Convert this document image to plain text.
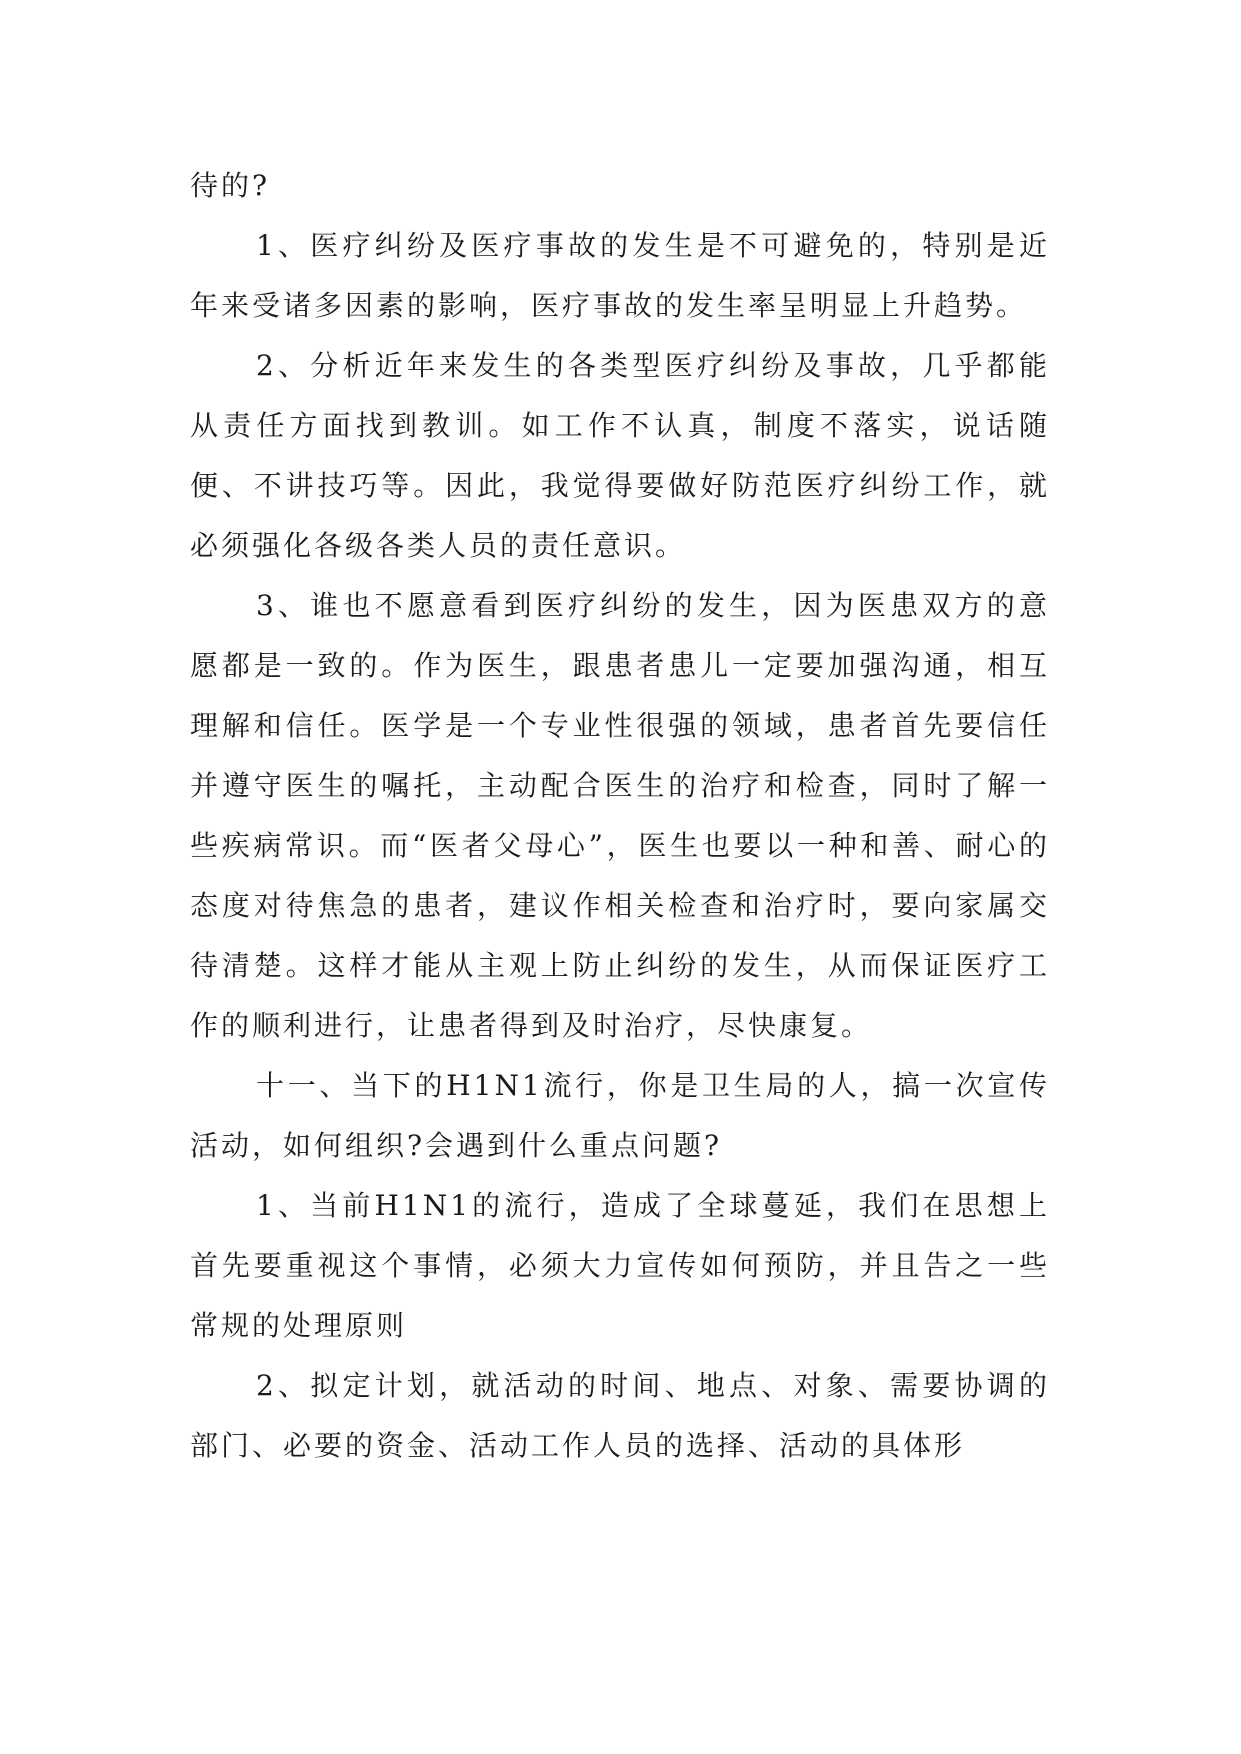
待的?

1、医疗纠纷及医疗事故的发生是不可避免的，特别是近年来受诸多因素的影响，医疗事故的发生率呈明显上升趋势。

2、分析近年来发生的各类型医疗纠纷及事故，几乎都能从责任方面找到教训。如工作不认真，制度不落实，说话随便、不讲技巧等。因此，我觉得要做好防范医疗纠纷工作，就必须强化各级各类人员的责任意识。

3、谁也不愿意看到医疗纠纷的发生，因为医患双方的意愿都是一致的。作为医生，跟患者患儿一定要加强沟通，相互理解和信任。医学是一个专业性很强的领域，患者首先要信任并遵守医生的嘱托，主动配合医生的治疗和检查，同时了解一些疾病常识。而“医者父母心”，医生也要以一种和善、耐心的态度对待焦急的患者，建议作相关检查和治疗时，要向家属交待清楚。这样才能从主观上防止纠纷的发生，从而保证医疗工作的顺利进行，让患者得到及时治疗，尽快康复。

十一、当下的H1N1流行，你是卫生局的人，搞一次宣传活动，如何组织?会遇到什么重点问题?

1、当前H1N1的流行，造成了全球蔓延，我们在思想上首先要重视这个事情，必须大力宣传如何预防，并且告之一些常规的处理原则

2、拟定计划，就活动的时间、地点、对象、需要协调的部门、必要的资金、活动工作人员的选择、活动的具体形
